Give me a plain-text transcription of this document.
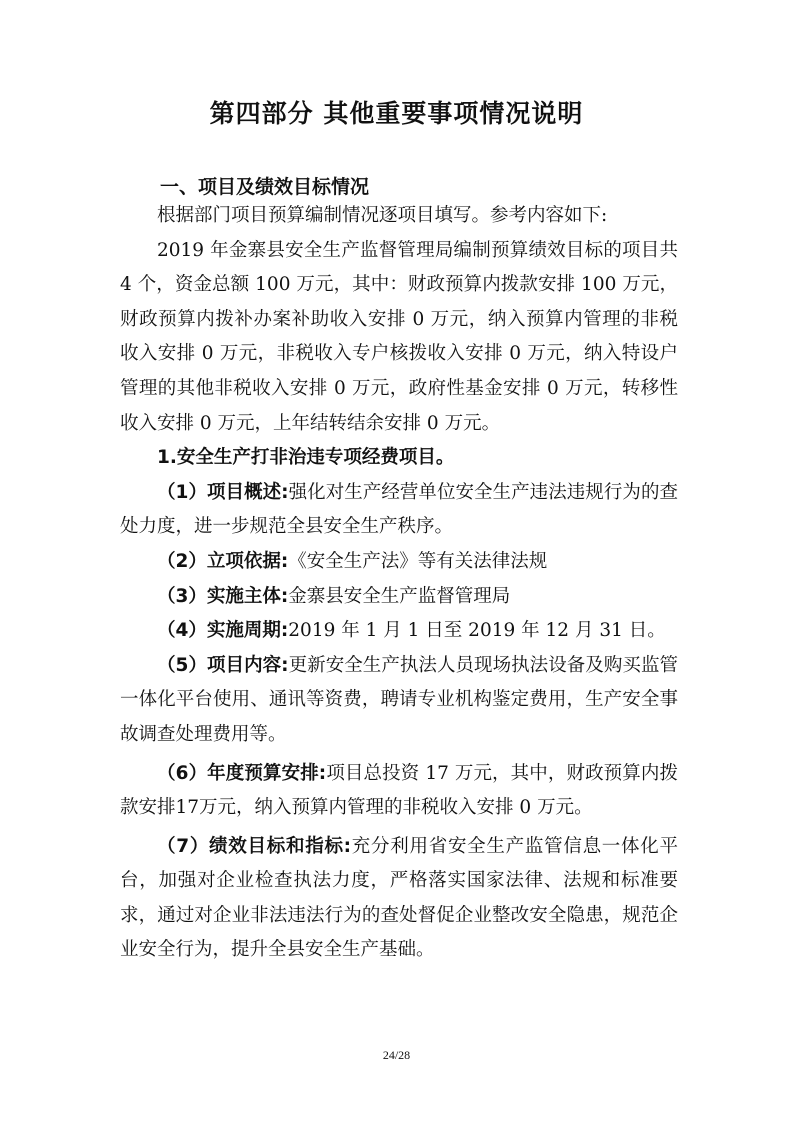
第四部分 其他重要事项情况说明
一、项目及绩效目标情况

根据部门项目预算编制情况逐项目填写。参考内容如下:

2019 年金寨县安全生产监督管理局编制预算绩效目标的项目共 4 个，资金总额 100 万元，其中：财政预算内拨款安排 100 万元，财政预算内拨补办案补助收入安排 0 万元，纳入预算内管理的非税收入安排 0 万元，非税收入专户核拨收入安排 0 万元，纳入特设户管理的其他非税收入安排 0 万元，政府性基金安排 0 万元，转移性收入安排 0 万元，上年结转结余安排 0 万元。

1.安全生产打非治违专项经费项目。

（1）项目概述:强化对生产经营单位安全生产违法违规行为的查处力度，进一步规范全县安全生产秩序。

（2）立项依据:《安全生产法》等有关法律法规

（3）实施主体:金寨县安全生产监督管理局

（4）实施周期:2019 年 1 月 1 日至 2019 年 12 月 31 日。

（5）项目内容:更新安全生产执法人员现场执法设备及购买监管一体化平台使用、通讯等资费，聘请专业机构鉴定费用，生产安全事故调查处理费用等。

（6）年度预算安排:项目总投资 17 万元，其中，财政预算内拨款安排17万元，纳入预算内管理的非税收入安排 0 万元。

（7）绩效目标和指标:充分利用省安全生产监管信息一体化平台，加强对企业检查执法力度，严格落实国家法律、法规和标准要求，通过对企业非法违法行为的查处督促企业整改安全隐患，规范企业安全行为，提升全县安全生产基础。

24/28
